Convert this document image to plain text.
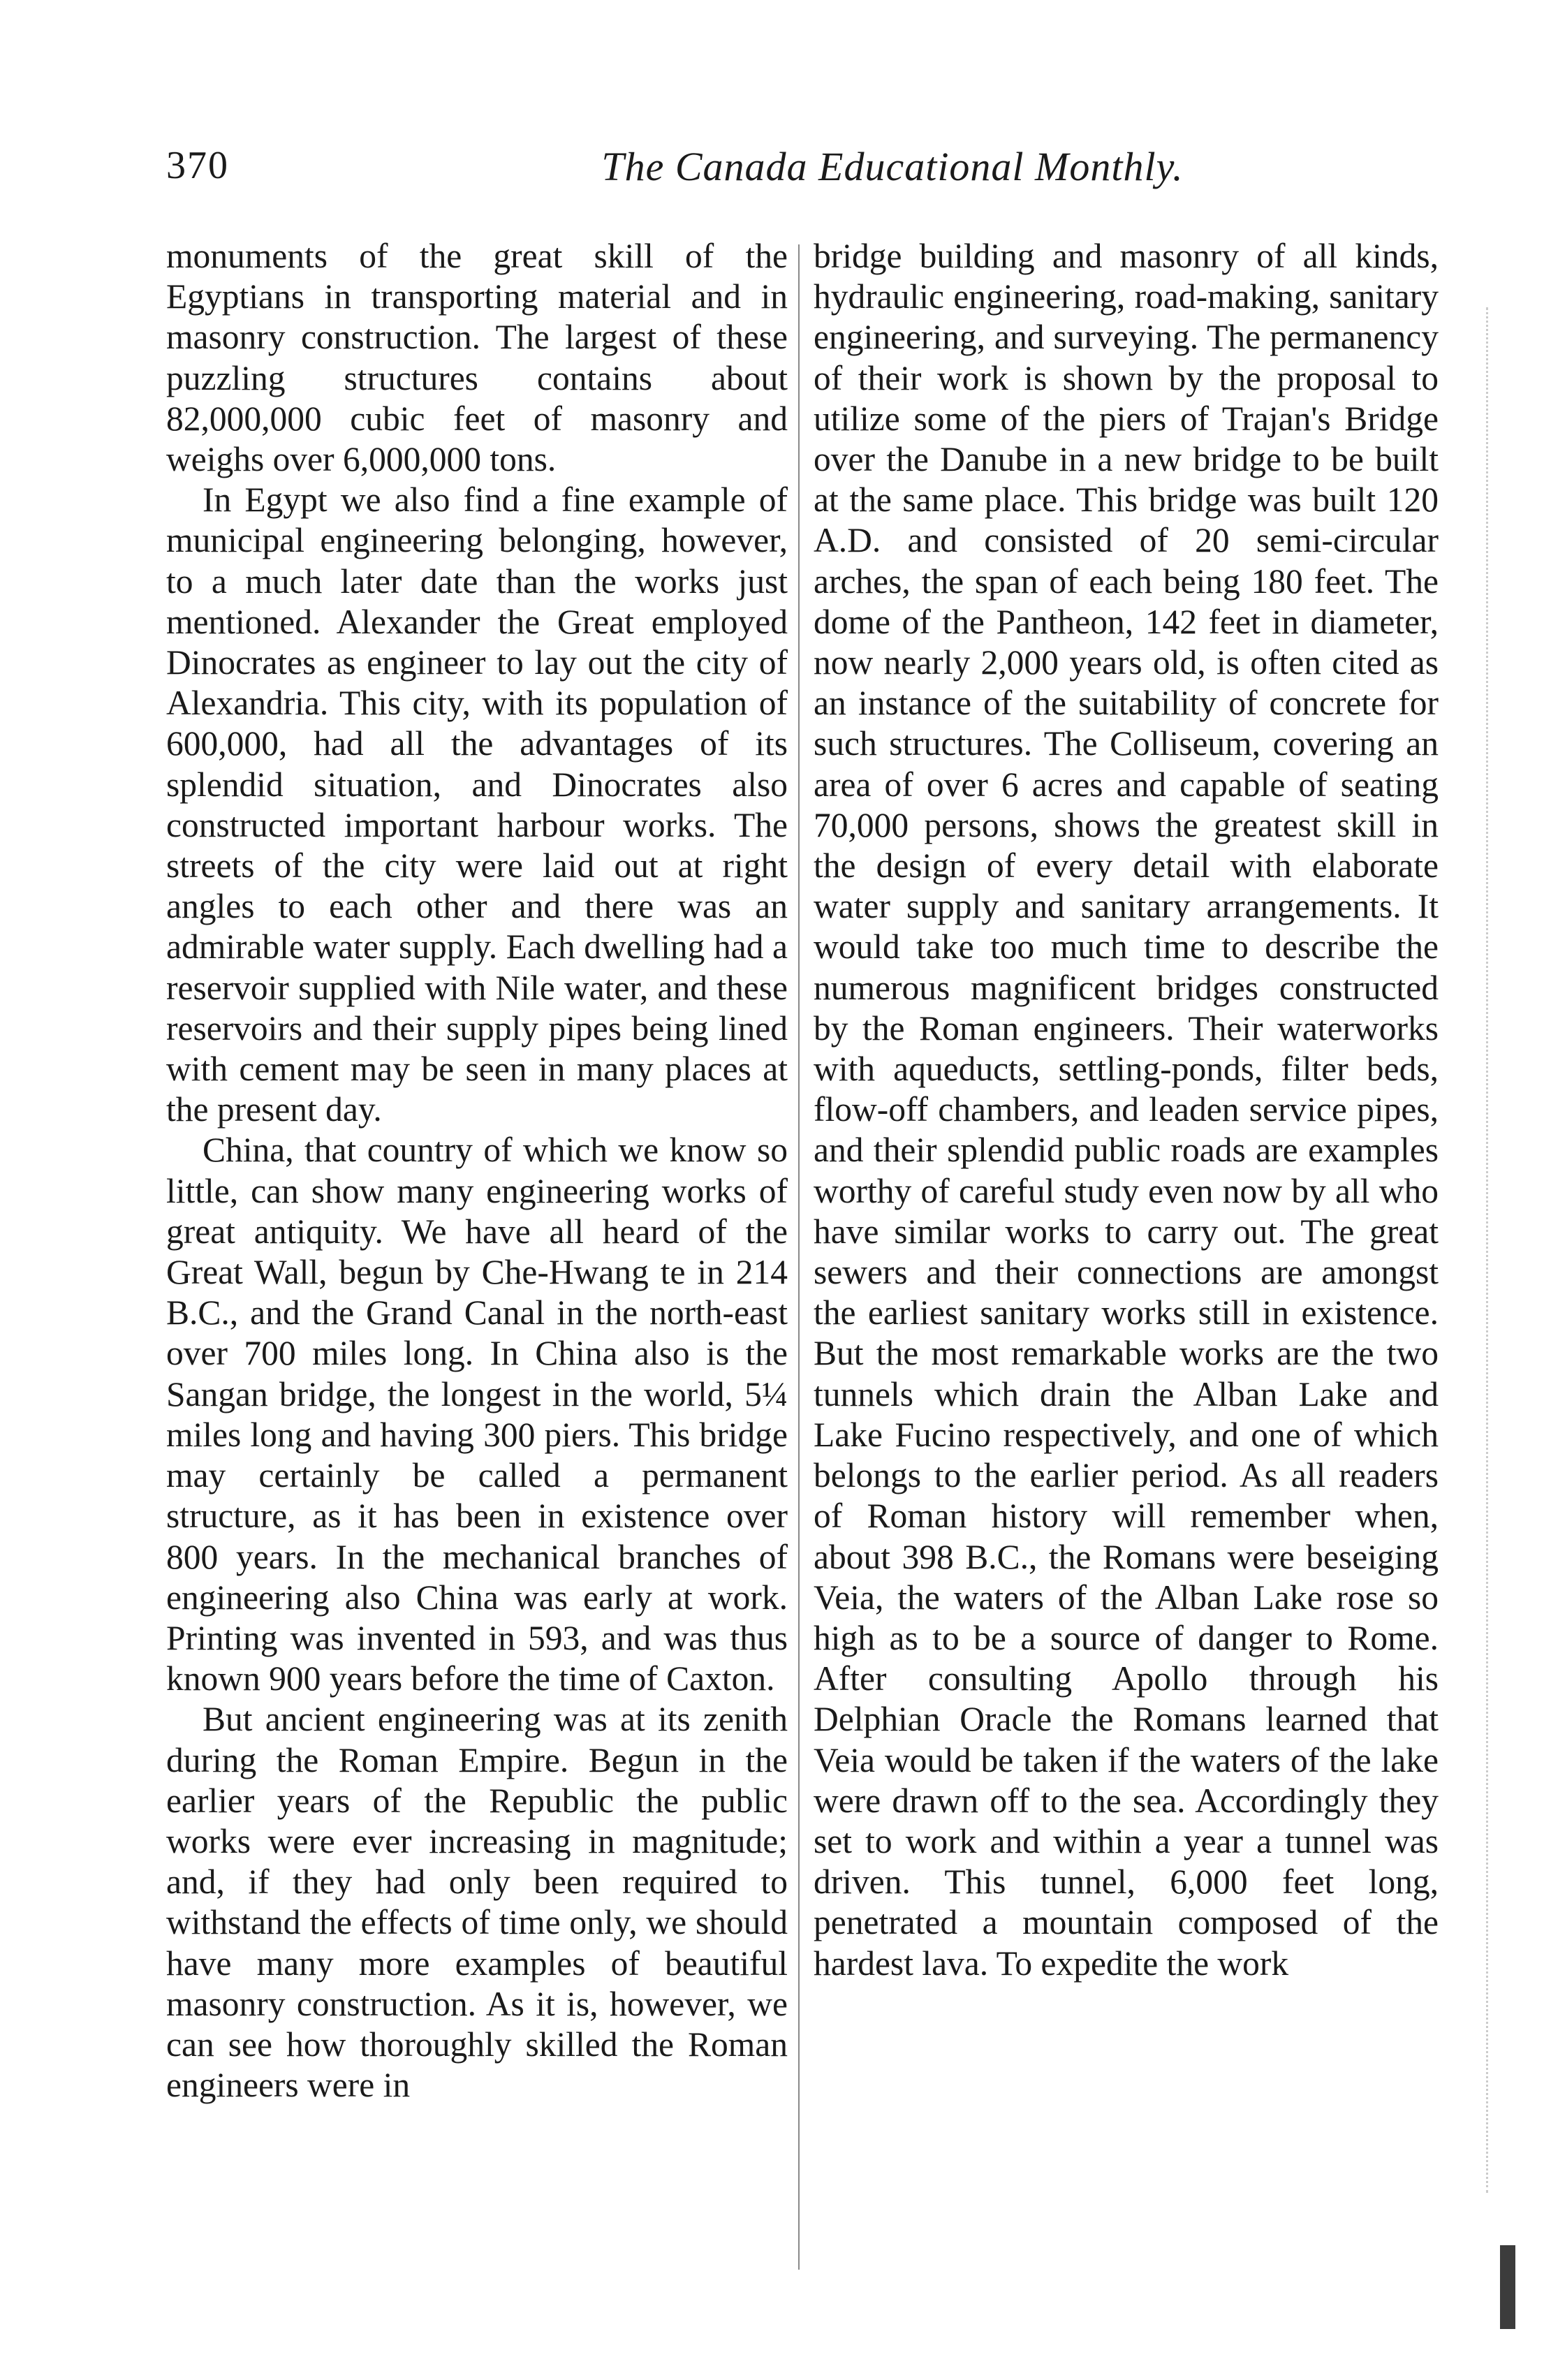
370	The Canada Educational Monthly.

monuments of the great skill of the Egyptians in transporting material and in masonry construction. The largest of these puzzling structures contains about 82,000,000 cubic feet of masonry and weighs over 6,000,000 tons.

In Egypt we also find a fine example of municipal engineering belonging, however, to a much later date than the works just mentioned. Alexander the Great employed Dinocrates as engineer to lay out the city of Alexandria. This city, with its population of 600,000, had all the advantages of its splendid situation, and Dinocrates also constructed important harbour works. The streets of the city were laid out at right angles to each other and there was an admirable water supply. Each dwelling had a reservoir supplied with Nile water, and these reservoirs and their supply pipes being lined with cement may be seen in many places at the present day.

China, that country of which we know so little, can show many engineering works of great antiquity. We have all heard of the Great Wall, begun by Che-Hwang te in 214 B.C., and the Grand Canal in the north-east over 700 miles long. In China also is the Sangan bridge, the longest in the world, 5¼ miles long and having 300 piers. This bridge may certainly be called a permanent structure, as it has been in existence over 800 years. In the mechanical branches of engineering also China was early at work. Printing was invented in 593, and was thus known 900 years before the time of Caxton.

But ancient engineering was at its zenith during the Roman Empire. Begun in the earlier years of the Republic the public works were ever increasing in magnitude; and, if they had only been required to withstand the effects of time only, we should have many more examples of beautiful masonry construction. As it is, however, we can see how thoroughly skilled the Roman engineers were in

bridge building and masonry of all kinds, hydraulic engineering, road-making, sanitary engineering, and surveying. The permanency of their work is shown by the proposal to utilize some of the piers of Trajan's Bridge over the Danube in a new bridge to be built at the same place. This bridge was built 120 A.D. and consisted of 20 semi-circular arches, the span of each being 180 feet. The dome of the Pantheon, 142 feet in diameter, now nearly 2,000 years old, is often cited as an instance of the suitability of concrete for such structures. The Colliseum, covering an area of over 6 acres and capable of seating 70,000 persons, shows the greatest skill in the design of every detail with elaborate water supply and sanitary arrangements. It would take too much time to describe the numerous magnificent bridges constructed by the Roman engineers. Their waterworks with aqueducts, settling-ponds, filter beds, flow-off chambers, and leaden service pipes, and their splendid public roads are examples worthy of careful study even now by all who have similar works to carry out. The great sewers and their connections are amongst the earliest sanitary works still in existence. But the most remarkable works are the two tunnels which drain the Alban Lake and Lake Fucino respectively, and one of which belongs to the earlier period. As all readers of Roman history will remember when, about 398 B.C., the Romans were beseiging Veia, the waters of the Alban Lake rose so high as to be a source of danger to Rome. After consulting Apollo through his Delphian Oracle the Romans learned that Veia would be taken if the waters of the lake were drawn off to the sea. Accordingly they set to work and within a year a tunnel was driven. This tunnel, 6,000 feet long, penetrated a mountain composed of the hardest lava. To expedite the work
